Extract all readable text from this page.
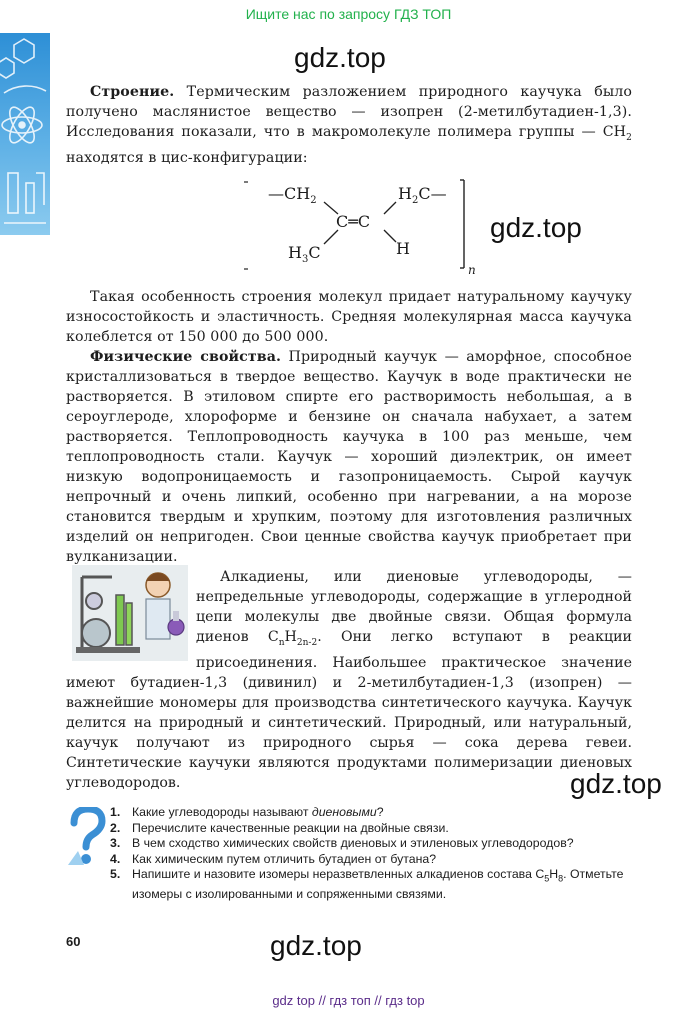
Ищите нас по запросу ГДЗ ТОП
gdz.top
gdz.top
gdz.top
gdz.top

Строение. Термическим разложением природного каучука было получено маслянистое вещество — изопрен (2-метилбутадиен-1,3). Исследования показали, что в макромолекуле полимера группы — $CH_2$ находятся в цис-конфигурации:

$—CH_2$
C═C
$H_2C—$
$H_3C$	H
n

Такая особенность строения молекул придает натуральному каучуку износостойкость и эластичность. Средняя молекулярная масса каучука колеблется от 150 000 до 500 000.

Физические свойства. Природный каучук — аморфное, способное кристаллизоваться в твердое вещество. Каучук в воде практически не растворяется. В этиловом спирте его растворимость небольшая, а в сероуглероде, хлороформе и бензине он сначала набухает, а затем растворяется. Теплопроводность каучука в 100 раз меньше, чем теплопроводность стали. Каучук — хороший диэлектрик, он имеет низкую водопроницаемость и газопроницаемость. Сырой каучук непрочный и очень липкий, особенно при нагревании, а на морозе становится твердым и хрупким, поэтому для изготовления различных изделий он непригоден. Свои ценные свойства каучук приобретает при вулканизации.

Алкадиены, или диеновые углеводороды, — непредельные углеводороды, содержащие в углеродной цепи молекулы две двойные связи. Общая формула диенов $C_nH_{2n-2}$. Они легко вступают в реакции присоединения. Наибольшее практическое значение имеют бутадиен-1,3 (дивинил) и 2-метилбутадиен-1,3 (изопрен) — важнейшие мономеры для производства синтетического каучука. Каучук делится на природный и синтетический. Природный, или натуральный, каучук получают из природного сырья — сока дерева гевеи. Синтетические каучуки являются продуктами полимеризации диеновых углеводородов.
1. Какие углеводороды называют диеновыми?
2. Перечислите качественные реакции на двойные связи.
3. В чем сходство химических свойств диеновых и этиленовых углеводородов?
4. Как химическим путем отличить бутадиен от бутана?
5. Напишите и назовите изомеры неразветвленных алкадиенов состава $C_5H_8$. Отметьте изомеры с изолированными и сопряженными связями.
60
gdz top // гдз топ // гдз top
